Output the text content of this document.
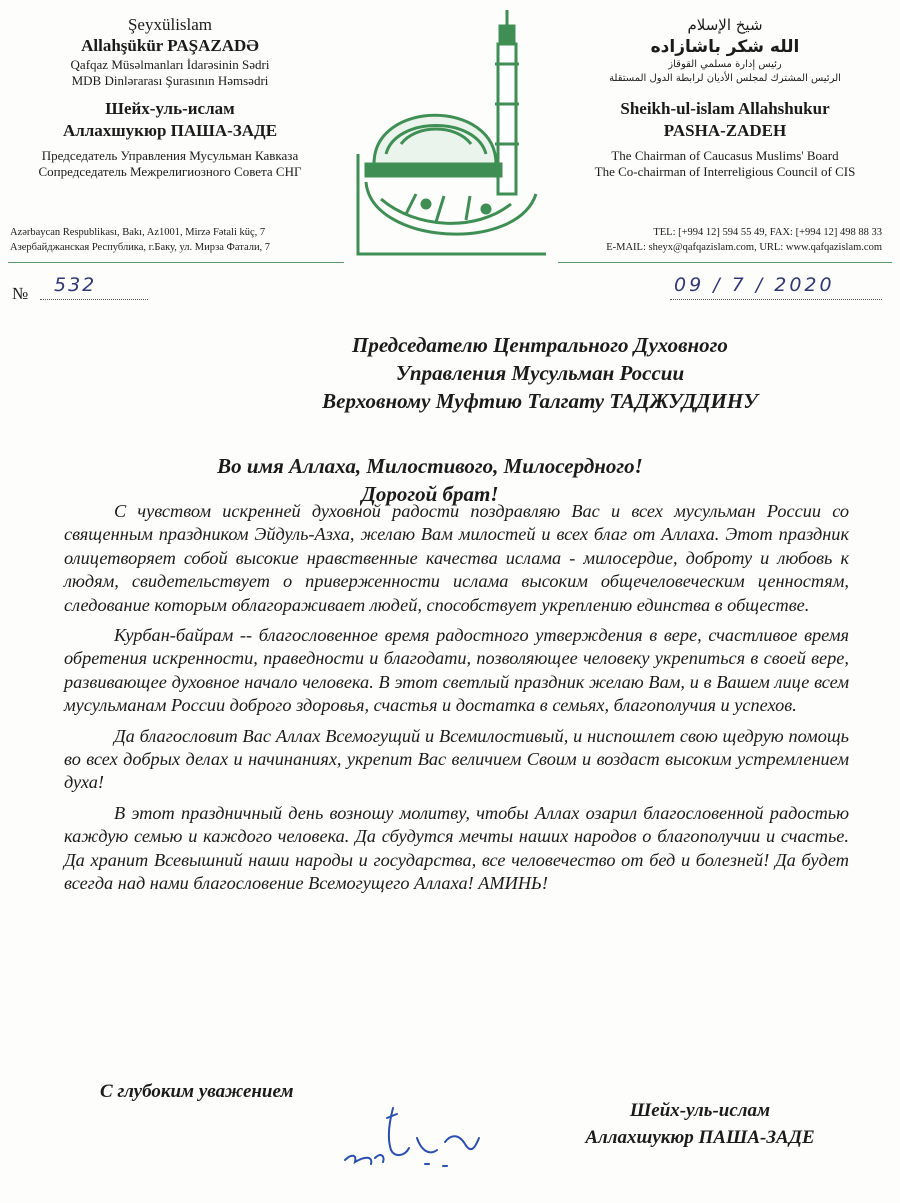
Şeyxülislam
Allahşükür PAŞAZADƏ
Qafqaz Müsəlmanları İdarəsinin Sədri
MDB Dinlərarası Şurasının Həmsədri
Шейх-уль-ислам
Аллахшукюр ПАША-ЗАДЕ
Председатель Управления Мусульман Кавказа
Сопредседатель Межрелигиозного Совета СНГ
Azərbaycan Respublikası, Bakı, Az1001, Mirzə Fətali küç, 7
Азербайджанская Республика, г.Баку, ул. Мирза Фатали, 7
شيخ الإسلام
الله شكر باشازاده
رئيس إدارة مسلمي القوقاز
الرئيس المشترك لمجلس الأديان لرابطة الدول المستقلة
Sheikh-ul-islam Allahshukur
PASHA-ZADEH
The Chairman of Caucasus Muslims' Board
The Co-chairman of Interreligious Council of CIS
TEL: [+994 12] 594 55 49, FAX: [+994 12] 498 88 33
E-MAIL: sheyx@qafqazislam.com, URL: www.qafqazislam.com
№ 532	09 / 7 / 2020
Председателю Центрального Духовного
Управления Мусульман России
Верховному Муфтию Талгату ТАДЖУДДИНУ
Во имя Аллаха, Милостивого, Милосердного!
Дорогой брат!

С чувством искренней духовной радости поздравляю Вас и всех мусульман России со священным праздником Эйдуль-Азха, желаю Вам милостей и всех благ от Аллаха. Этот праздник олицетворяет собой высокие нравственные качества ислама - милосердие, доброту и любовь к людям, свидетельствует о приверженности ислама высоким общечеловеческим ценностям, следование которым облагораживает людей, способствует укреплению единства в обществе.

Курбан-байрам -- благословенное время радостного утверждения в вере, счастливое время обретения искренности, праведности и благодати, позволяющее человеку укрепиться в своей вере, развивающее духовное начало человека. В этот светлый праздник желаю Вам, и в Вашем лице всем мусульманам России доброго здоровья, счастья и достатка в семьях, благополучия и успехов.

Да благословит Вас Аллах Всемогущий и Всемилостивый, и ниспошлет свою щедрую помощь во всех добрых делах и начинаниях, укрепит Вас величием Своим и воздаст высоким устремлением духа!

В этот праздничный день возношу молитву, чтобы Аллах озарил благословенной радостью каждую семью и каждого человека. Да сбудутся мечты наших народов о благополучии и счастье. Да хранит Всевышний наши народы и государства, все человечество от бед и болезней! Да будет всегда над нами благословение Всемогущего Аллаха! АМИНЬ!

С глубоким уважением
Шейх-уль-ислам
Аллахшукюр ПАША-ЗАДЕ
